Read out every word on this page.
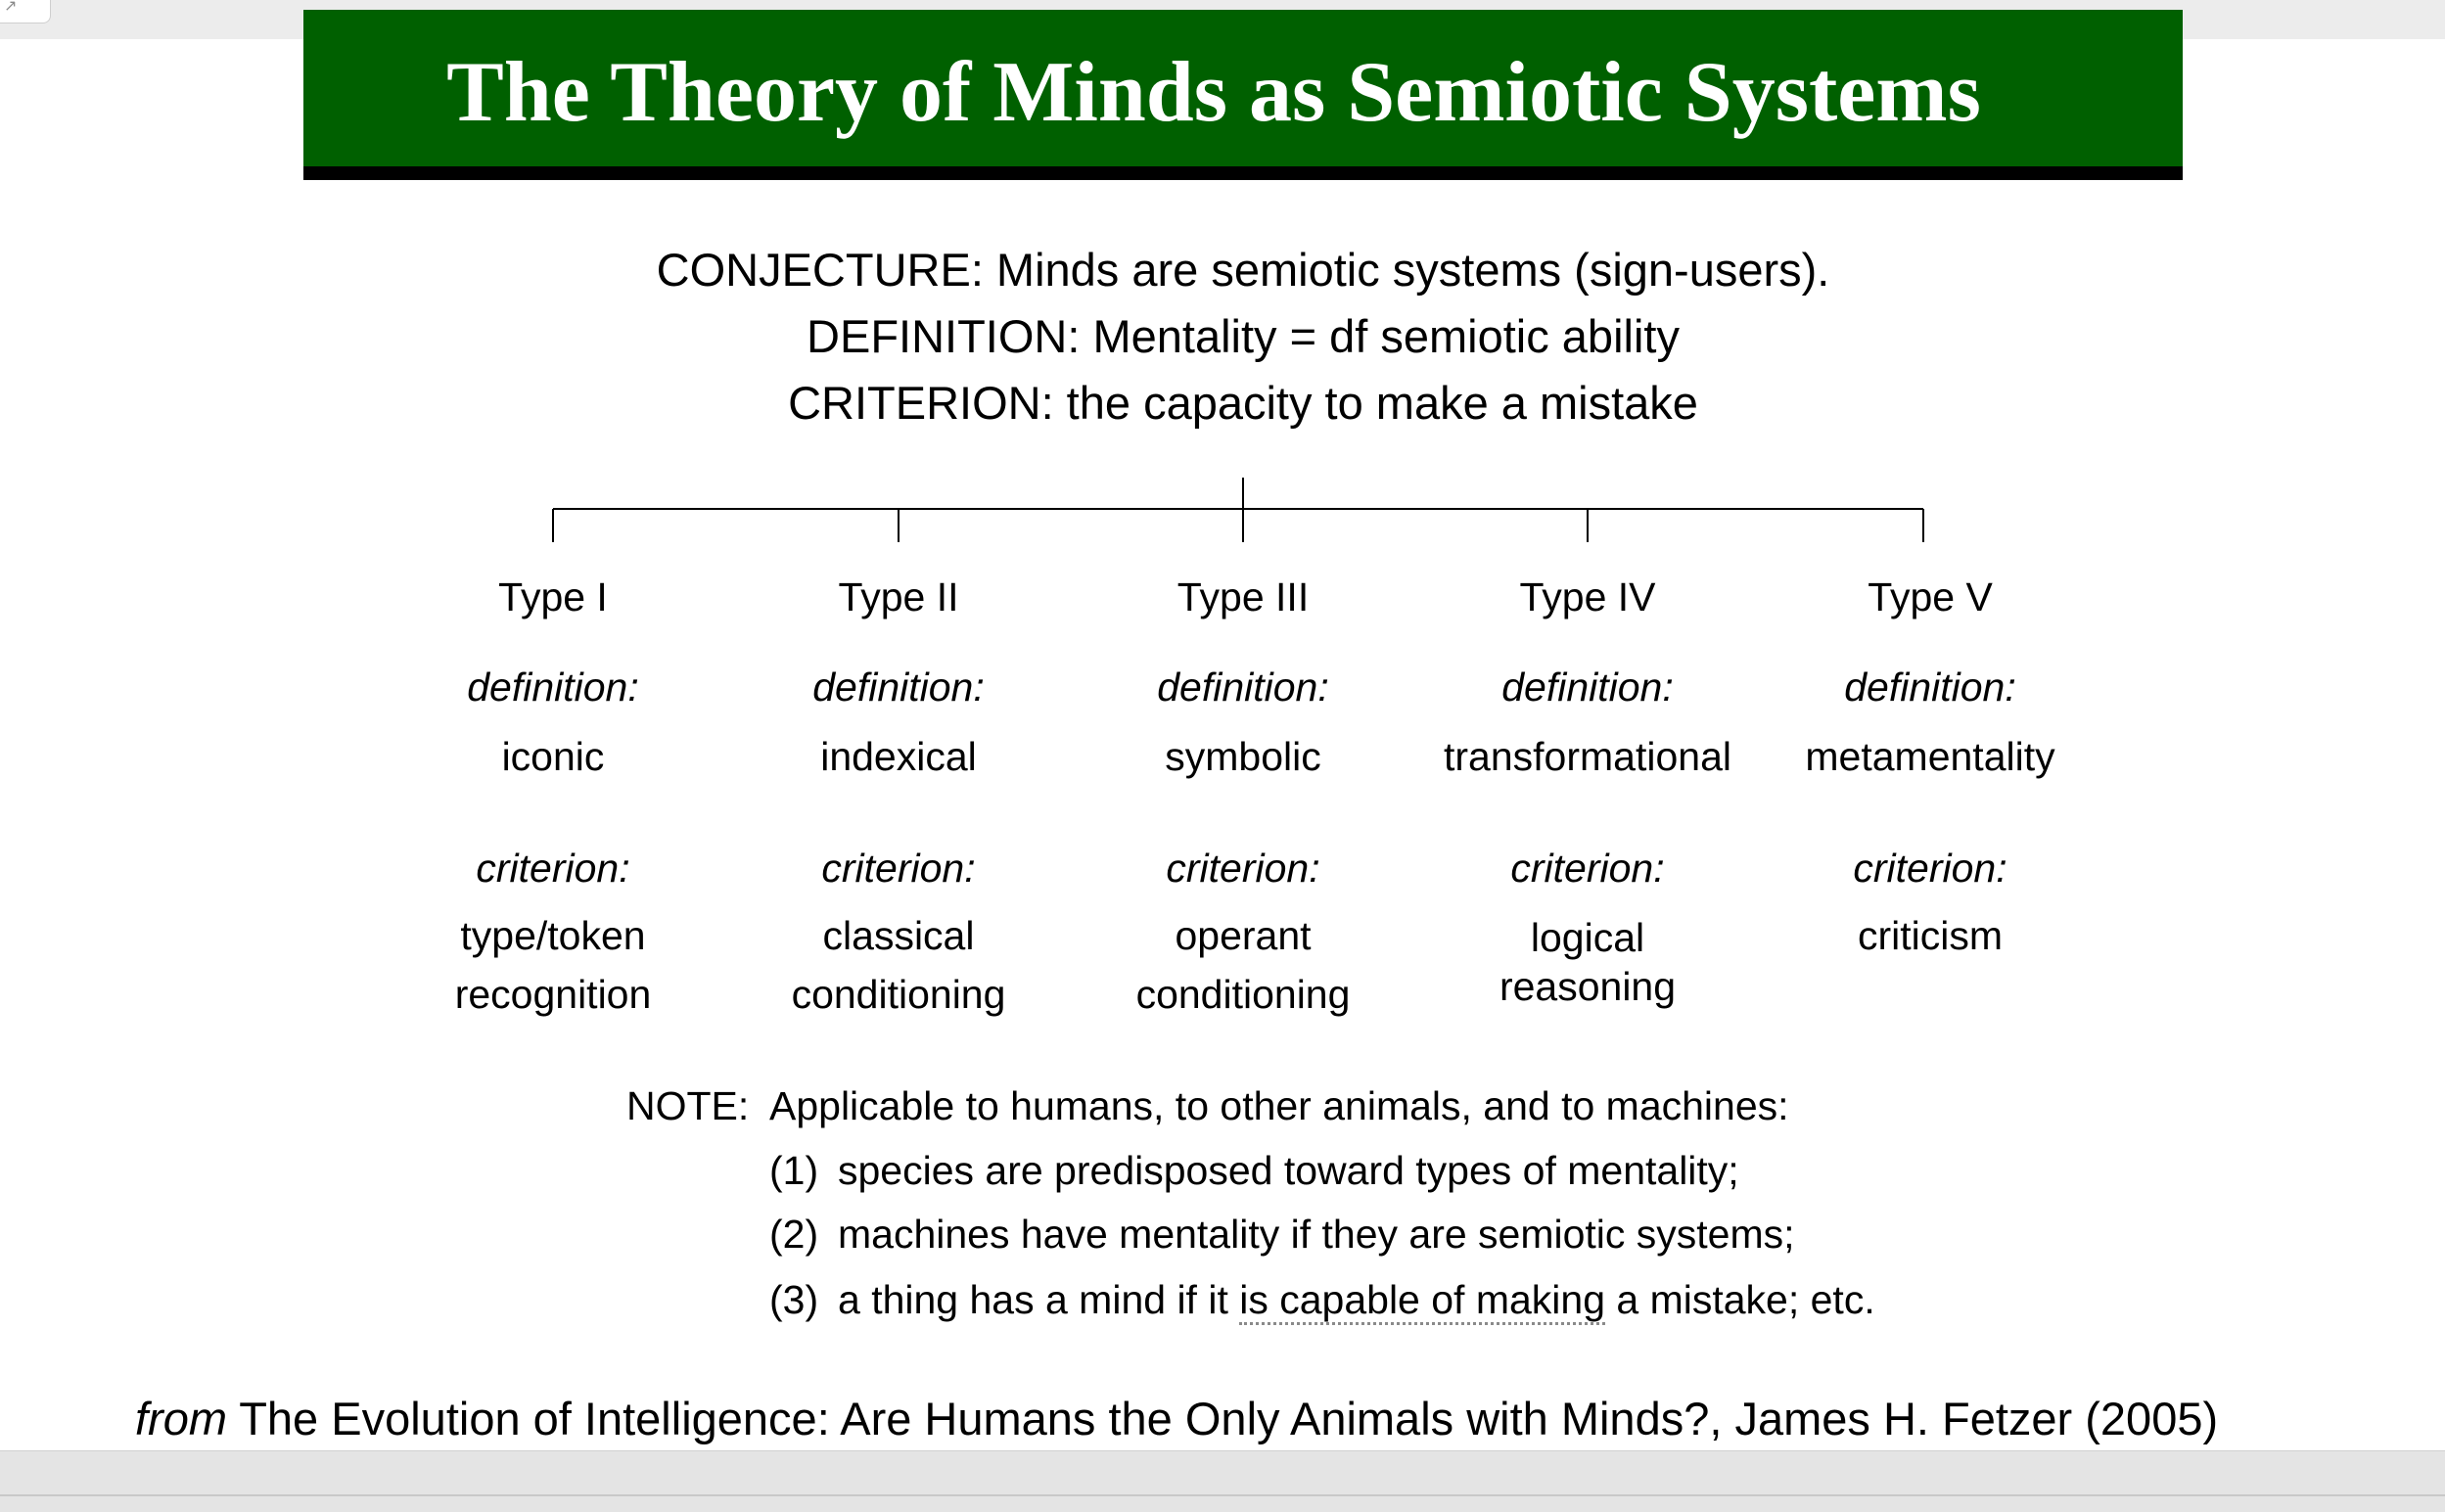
↗
The Theory of Minds as Semiotic Systems
CONJECTURE: Minds are semiotic systems (sign-users).
DEFINITION: Mentality = df semiotic ability
CRITERION: the capacity to make a mistake
Type I
definition:
iconic
criterion:
type/token
recognition
Type II
definition:
indexical
criterion:
classical
conditioning
Type III
definition:
symbolic
criterion:
operant
conditioning
Type IV
definition:
transformational
criterion:
logical
reasoning
Type V
definition:
metamentality
criterion:
criticism
NOTE: Applicable to humans, to other animals, and to machines:
(1) species are predisposed toward types of mentality;
(2) machines have mentality if they are semiotic systems;
(3) a thing has a mind if it is capable of making a mistake; etc.
from The Evolution of Intelligence: Are Humans the Only Animals with Minds?, James H. Fetzer (2005)
